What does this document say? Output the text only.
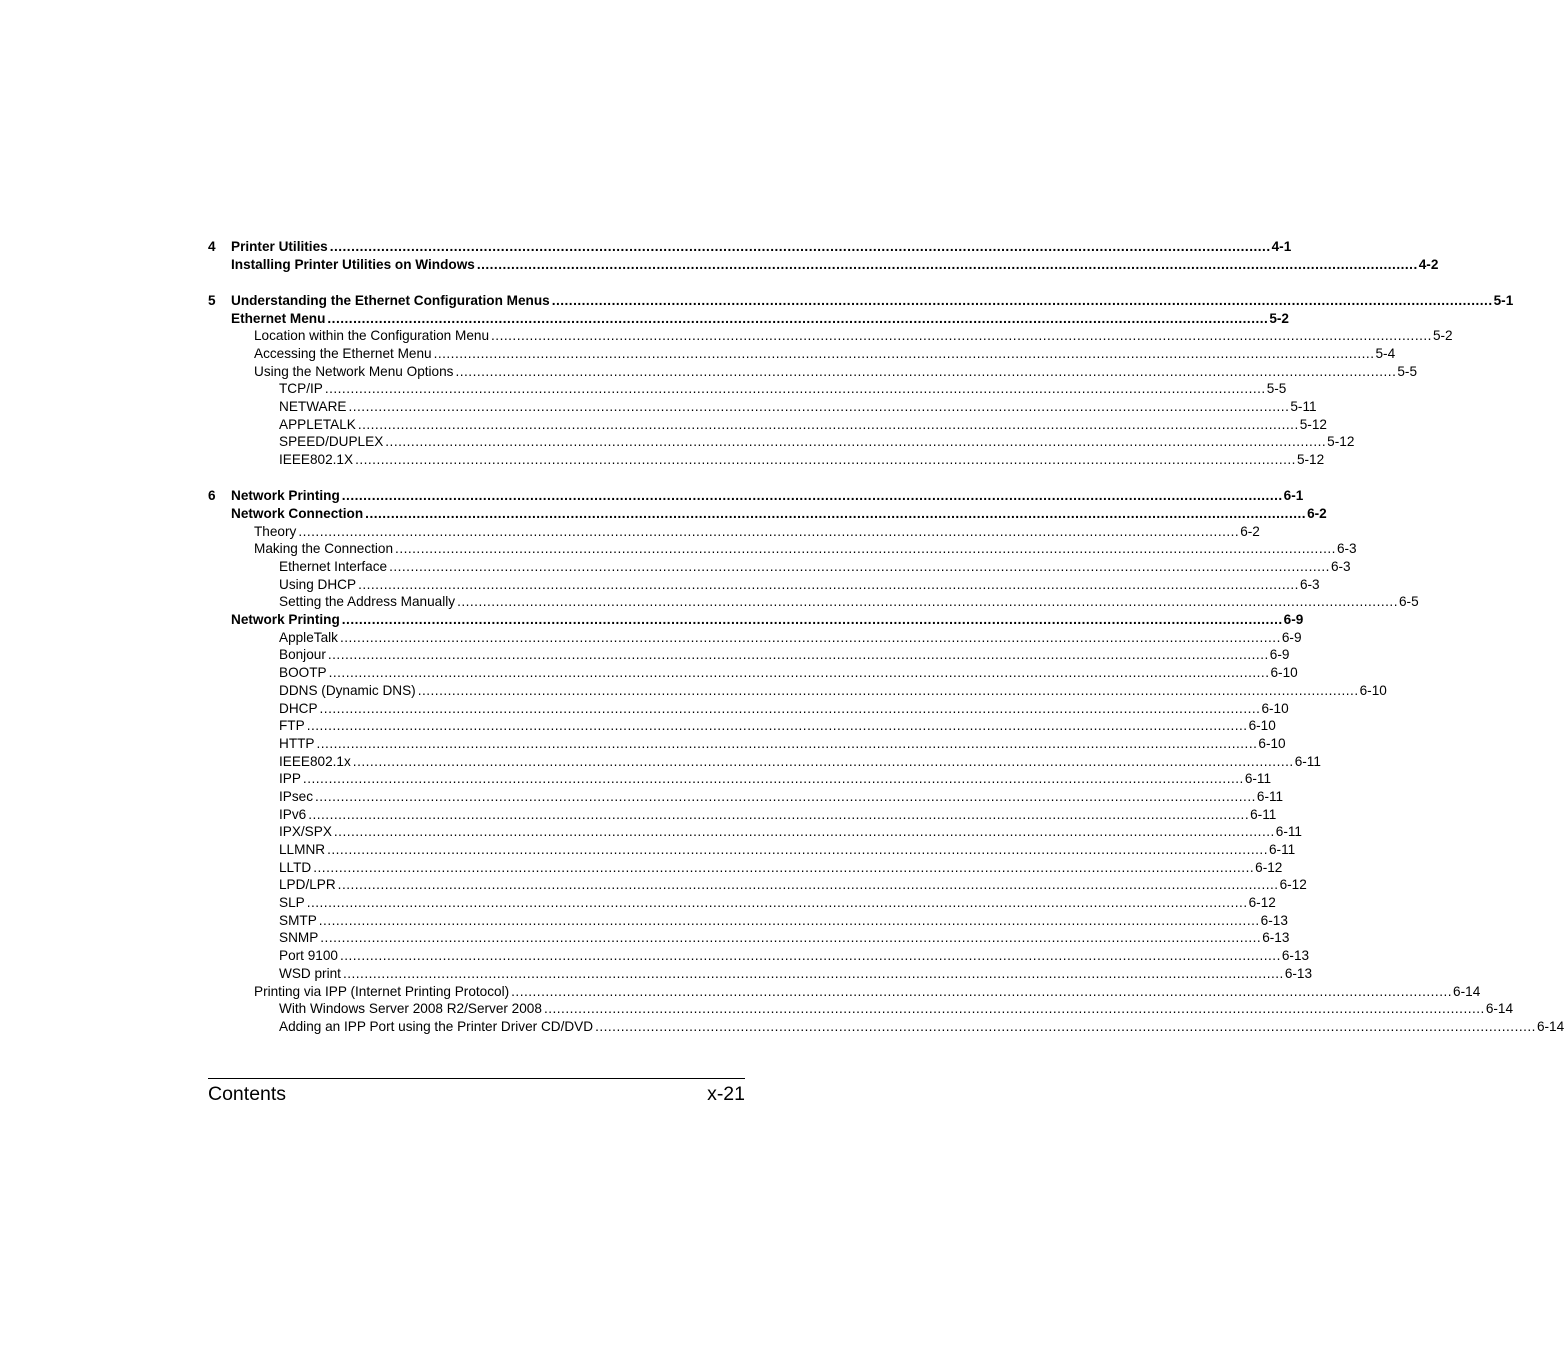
4 Printer Utilities ............................................................................................................................................................................................................................ 4-1
Installing Printer Utilities on Windows ............................................................................................................................................................................................................................ 4-2
5 Understanding the Ethernet Configuration Menus ............................................................................................................................................................................................................................ 5-1
Ethernet Menu ............................................................................................................................................................................................................................ 5-2
Location within the Configuration Menu ............................................................................................................................................................................................................................ 5-2
Accessing the Ethernet Menu ............................................................................................................................................................................................................................ 5-4
Using the Network Menu Options ............................................................................................................................................................................................................................ 5-5
TCP/IP ............................................................................................................................................................................................................................ 5-5
NETWARE ............................................................................................................................................................................................................................ 5-11
APPLETALK ............................................................................................................................................................................................................................ 5-12
SPEED/DUPLEX ............................................................................................................................................................................................................................ 5-12
IEEE802.1X ............................................................................................................................................................................................................................ 5-12
6 Network Printing ............................................................................................................................................................................................................................ 6-1
Network Connection ............................................................................................................................................................................................................................ 6-2
Theory ............................................................................................................................................................................................................................ 6-2
Making the Connection ............................................................................................................................................................................................................................ 6-3
Ethernet Interface ............................................................................................................................................................................................................................ 6-3
Using DHCP ............................................................................................................................................................................................................................ 6-3
Setting the Address Manually ............................................................................................................................................................................................................................ 6-5
Network Printing ............................................................................................................................................................................................................................ 6-9
AppleTalk ............................................................................................................................................................................................................................ 6-9
Bonjour ............................................................................................................................................................................................................................ 6-9
BOOTP ............................................................................................................................................................................................................................ 6-10
DDNS (Dynamic DNS) ............................................................................................................................................................................................................................ 6-10
DHCP ............................................................................................................................................................................................................................ 6-10
FTP ............................................................................................................................................................................................................................ 6-10
HTTP ............................................................................................................................................................................................................................ 6-10
IEEE802.1x ............................................................................................................................................................................................................................ 6-11
IPP ............................................................................................................................................................................................................................ 6-11
IPsec ............................................................................................................................................................................................................................ 6-11
IPv6 ............................................................................................................................................................................................................................ 6-11
IPX/SPX ............................................................................................................................................................................................................................ 6-11
LLMNR ............................................................................................................................................................................................................................ 6-11
LLTD ............................................................................................................................................................................................................................ 6-12
LPD/LPR ............................................................................................................................................................................................................................ 6-12
SLP ............................................................................................................................................................................................................................ 6-12
SMTP ............................................................................................................................................................................................................................ 6-13
SNMP ............................................................................................................................................................................................................................ 6-13
Port 9100 ............................................................................................................................................................................................................................ 6-13
WSD print ............................................................................................................................................................................................................................ 6-13
Printing via IPP (Internet Printing Protocol) ............................................................................................................................................................................................................................ 6-14
With Windows Server 2008 R2/Server 2008 ............................................................................................................................................................................................................................ 6-14
Adding an IPP Port using the Printer Driver CD/DVD ............................................................................................................................................................................................................................ 6-14
Contents	x-21
